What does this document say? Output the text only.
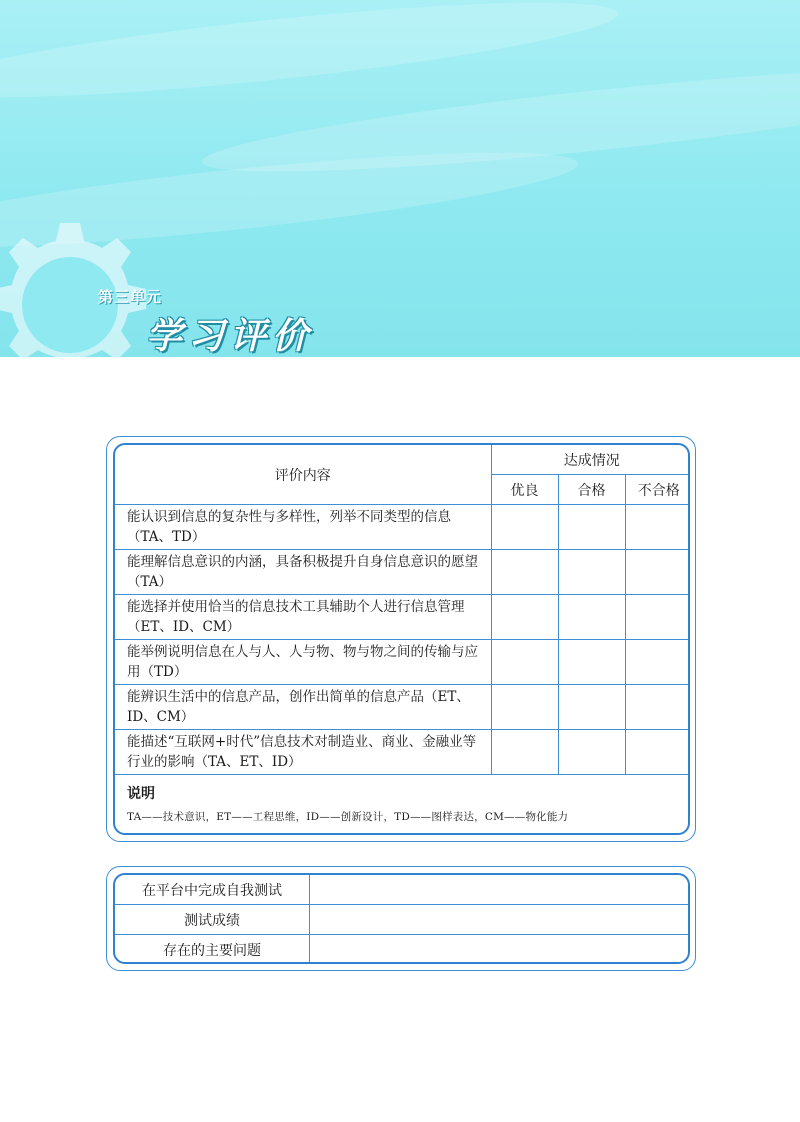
第三单元
学习评价
评价内容	达成情况		
	优良	合格	不合格
能认识到信息的复杂性与多样性，列举不同类型的信息（TA、TD）			
能理解信息意识的内涵，具备积极提升自身信息意识的愿望（TA）			
能选择并使用恰当的信息技术工具辅助个人进行信息管理（ET、ID、CM）			
能举例说明信息在人与人、人与物、物与物之间的传输与应用（TD）			
能辨识生活中的信息产品，创作出简单的信息产品（ET、ID、CM）			
能描述“互联网+时代”信息技术对制造业、商业、金融业等行业的影响（TA、ET、ID）			
说明
TA——技术意识，ET——工程思维，ID——创新设计，TD——图样表达，CM——物化能力
在平台中完成自我测试	
测试成绩	
存在的主要问题	
